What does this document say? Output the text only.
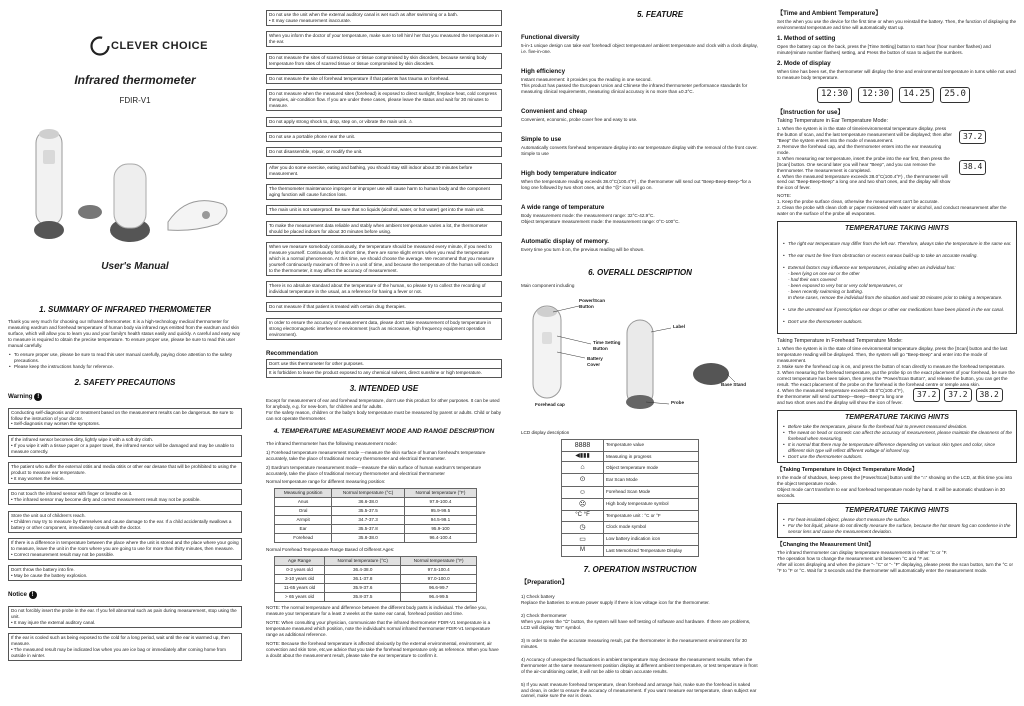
CLEVER CHOICE
Infrared thermometer
FDIR-V1
User's Manual
1. SUMMARY OF INFRARED THERMOMETER
Thank you very much for choosing our Infrared thermometer. It is a high-technology medical thermometer for measuring eardrum and forehead temperature of human body via infrared rays emitted from the eardrum and skin surface, which will allow you to learn you and your family's health status easily and quickly. A careful and easy way to measure is required to obtain the precise temperature. To ensure proper use, please be sure to read this user manual carefully.
• To ensure proper use, please be sure to read this user manual carefully, paying close attention to the safety precautions.
• Please keep the instructions handy for reference.
2. SAFETY PRECAUTIONS
Warning !

Conducting self-diagnosis and/ or treatment based on the measurement results can be dangerous. Be sure to follow the instruction of your doctor.
• Self-diagnosis may worsen the symptoms.

If the infrared sensor becomes dirty, lightly wipe it with a soft dry cloth.
• If you wipe it with a tissue paper or a paper towel, the infrared sensor will be damaged and may be unable to measure correctly.

The patient who suffer the external otitis and media otitis or other ear desase that will be prohibited to using the product to measure ear temperature.
• It may worsen the lesion.

Do not touch the infrared sensor with finger or breathe on it.
• The infrared sensor may become dirty and correct measurement result may not be possible.

Store the unit out of children's reach.
• Children may try to measure by themselves and cause damage to the ear. If a child accidentally swallows a battery or other component, immediately consult with the doctor.

If there is a difference in temperature between the place where the unit is stored and the place where your going to measure, leave the unit in the room where you are going to use for more than thirty minutes, then measure.
• Correct measurement result may not be possible.

Don't throw the battery into fire.
• May be cause the battery explosion.

Notice !

Do not forcibly insert the probe in the ear. If you fell abnormal such as pain during measurement, stop using the unit.
• It may injure the external auditory canal.

If the ear is cooled such as being exposed to the cold for a long period, wait until the ear is warmed up, then measure.
• The measured result may be indicated low when you are ice bag or immediately after coming home from outside in winter.

Do not use the unit when the external auditory canal is wet such as after swimming or a bath.
• It may cause measurement inaccurate.

When you inform the doctor of your temperature, make sure to tell him/ her that you measured the temperature in the ear.

Do not measure the sites of scarred tissue or tissue compromised by skin disorders, because sensing body temperature from sites of scarred tissue or tissue compromised by skin disorders.

Do not measure the site of forehead temperature if that patients has trauma on forehead.

Do not measure when the measured sites (forehead) is exposed to direct sunlight, fireplace heat, cold compress therapies, air-condition flow. If you are under these cases, please leave the status and wait for 30 minutes to measure.

Do not apply strong shock to, drop, step on, or vibrate the main unit. ⚠

Do not use a portable phone near the unit.

Do not disassemble, repair, or modify the unit.

After you do some exercise, eating and bathing, you should stay still indoor about 30 minutes before measurement.

The thermometer maintenance improper or improper use will cause harm to human body and the component aging function will cause function loss.

The main unit is not waterproof. Be sure that no liquids (alcohol, water, or hot water) get into the main unit.

To make the measurement data reliable and stably when ambient temperature varies a lot, the thermometer should be placed indoors for about 30 minutes before using.

When we measure somebody continuously, the temperature should be measured every minute, if you need to measure yourself. Continuously for a short time, there are some slight errors when you read the temperature which is a normal phenomenon. At this time, we should choose the average. We recommend that you measure yourself continuously maximum of three in a unit of time, and because the temperature of the human will conduct to the thermometer, it may affect the accuracy of measurement.

There is no absolute standard about the temperature of the human, so please try to collect the recording of individual temperature in the usual, as a reference for having a fever or not.

Do not measure if that patient is treated with certain drug therapies.

In order to ensure the accuracy of measurement data, please don't take measurement of body temperature in strong electromagnetic interference environment (such as microwave, high frequency equipment operation environment).

Recommendation
Don't use this thermometer for other purposes.
It is forbidden to leave the product exposed to any chemical solvent, direct sunshine or high temperature.
3. INTENDED USE
Except for measurement of ear and forehead temperature, don't use this product for other purposes. It can be used for anybody, e.g. for new-born, for children and for adults.
For the safety reason, children or the baby's body temperature must be measured by parent or adults. Child or baby can not operate thermometer.
4. TEMPERATURE MEASUREMENT MODE AND RANGE DESCRIPTION
The infrared thermometer has the following measurement mode:
1) Forehead temperature measurement mode ---measure the skin surface of human forehead's temperature accurately, take the place of traditional mercury thermometer and electrical thermometer.
2) Eardrum temperature measurement mode---measure the skin surface of human eardrum's temperature accurately, take the place of traditional mercury thermometer and electrical thermometer
Normal temperature range for different measuring position:
Measuring position	Normal temperature (°C)	Normal temperature (°F)
Anus	36.6-38.0	97.9-100.4
Oral	35.5-37.5	95.9-99.5
Armpit	34.7-37.3	94.5-99.1
Ear	35.5-37.8	95.9-100
Forehead	35.8-38.0	96.4-100.4
Normal Forehead Temperature Range Based of Different Ages:
Age Range	Normal temperature (°C)	Normal temperature (°F)
0-2 years old	36.4-38.0	97.5-100.4
3-10 years old	36.1-37.8	97.0-100.0
11-65 years old	35.9-37.6	96.6-99.7
> 65 years old	35.8-37.5	96.4-99.5
NOTE: The normal temperature and difference between the different body parts is individual. The define you, measure your temperature for a least 2 weeks at the same ear canal, forehead position and time.
NOTE: When consulting your physician, communicate that the infrared thermometer FDIR-V1 temperature is a temperature measured which position, note the individual's normal infrared thermometer FDIR-V1 temperature range as additional reference.
NOTE: Because the forehead temperature is affected obviously by the external environmental, environment, air convection and skin tone, etc,we advice that you take the forehead temperature only as reference. When you have a doubt about the measurement result, please take the ear temperature to confirm it.
5. FEATURE

Functional diversity
5-in-1 unique design can take ear/ forehead/ object temperature/ ambient temperature and clock with a clock display, i.e. five-in-one.

High efficiency
Instant measurement: it provides you the reading in one second.
This product has passed the European Union and Chinese the infrared thermometer performance standards for measuring clinical requirements, measuring clinical accuracy is no more than ±0.3°C.

Convenient and cheap
Convenient, economic, probe cover free and easy to use.

Simple to use
Automatically converts forehead temperature display into ear temperature display with the removal of the front cover. Simple to use

High body temperature indicator
When the temperature reading exceeds 38.0°C(100.4°F) , the thermometer will send out "Beep-Beep-Beep-"for a long one followed by two short ones, and the "☹" icon will go on.

A wide range of temperature
Body measurement mode: the measurement range: 32°C-42.9°C.
Object temperature measurement mode: the measurement range: 0°C-100°C.

Automatic display of memory.
Every time you turn it on, the previous reading will be shown.

6. OVERALL DESCRIPTION
Main component including
Power/Scan Button
Time Setting Button
Battery Cover
Forehead cap
Label
Probe
Base Stand
LCD display description
8888	Temperature value
◀▮▮▮	Measuring in progress
⌂	Object temperature mode
⊙	Ear Scan Mode
☺	Forehead Scan Mode
☹	High body temperature symbol
°C °F	Temperature unit : °C or °F
◷	Clock mode symbol
▭	Low battery indication icon
M	Last Memorized Temperature Display
7. OPERATION INSTRUCTION
【Preparation】

1) Check battery
Replace the batteries to ensure power supply if there is low voltage icon for the thermometer.

2) Check thermometer
When you press the "⏻" button, the system will have self testing of software and hardware. If there are problems, LCD will display "Err" symbol.

3) In order to make the accurate measuring result, put the thermometer in the measurement environment for 30 minutes.

4) Accuracy of unexpected fluctuations in ambient temperature may decrease the measurement results. When the thermometer at the same measurement position display at different ambient temperature, or test temperature in front of the air-conditioning outlet, it will not be able to obtain accurate results.

5) If you want measure forehead temperature, clean forehead and arrange hair, make sure the forehead is naked and clean, in order to ensure the accuracy of measurement. If you want measure ear temperature, clean subject ear cannel, make sure the ear is clean.

【Time and Ambient Temperature】
Set the when you use the device for the first time or when you reinstall the battery. Then, the function of displaying the environmental temperature and time will automatically start up.
1. Method of setting
Open the battery cap on the back, press the [Time Setting] button to start hour (hour number flashes) and minute(minute number flashes) setting, and Press the button of scan to adjust the numbers.
2. Mode of display
When time has been set, the thermometer will display the time and environmental temperature in turns while not used to measure body temperature.
12:30 12:30 14.25 25.0
【Instruction for use】
Taking Temperature in Ear Temperature Mode:
1. When the system is in the state of time/environmental temperature display, press the button of scan, and the last temperature measurement will be displayed; then after "Beep" the system enters into the mode of measurement.
2. Remove the forehead cap, and the thermometer enters into the ear measuring mode.
3. When measuring ear temperature, insert the probe into the ear first, then press the [Scan] button. One second later you will hear "Beep", and you can remove the thermometer. The measurement is completed.
4. When the measured temperature exceeds 38.0°C(100.4°F) , the thermometer will send out "Beep-Beep-Beep" a long one and two short ones, and the display will show the icon of fever.
37.2 38.4
NOTE:
1. Keep the probe surface clean, otherwise the measurement can't be accurate.
2. Clean the probe with clean cloth or paper moistened with water or alcohol, and conduct measurement after the water on the surface of the probe all evaporates.
TEMPERATURE TAKING HINTS

• The right ear temperature may differ from the left ear. Therefore, always take the temperature in the same ear.

• The ear must be free from obstruction or excess earwax build-up to take an accurate reading.

• External factors may influence ear temperatures, including when an individual has:
- been lying on one ear or the other
- had their ears covered
- been exposed to very hot or very cold temperatures, or
- been recently swimming or bathing.
In these cases, remove the individual from the situation and wait 30 minutes prior to taking a temperature.

• Use the untreated ear if prescription ear drops or other ear medications have been placed in the ear canal.

• Don't use the thermometer outdoors.

Taking Temperature in Forehead Temperature Mode:
1. When the system is in the state of time environmental temperature display, press the [Scan] button and the last temperature reading will be displayed. Then, the system will go "Beep-Beep" and enter into the mode of measurement.
2. Make sure the forehead cap is on, and press the button of scan directly to measure the forehead temperature.
3. When measuring the forehead temperature, put the probe tip on the exact placement of your forehead, be sure the correct temperature has been taken, then press the "Power/Scan Button", and release the button, you can get the result. The exact placement of the probe on the forehead is the forehead centre or temple area skin.
4. When the measured temperature exceeds 38.0°C(100.4°F), the thermometer will send out"Beep—Beep—Beep"a long one and two short ones and the display will show the icon of fever.
37.2 37.2 38.2
TEMPERATURE TAKING HINTS
• Before take the temperature, please fix the forehead hair to prevent measured deviation.
• The sweat on head or cosmetic can affect the accuracy of measurement, please maintain the cleanness of the forehead when measuring.
• It is normal that there may be temperature difference depending on various skin types and color, since different skin type will reflect different voltage of infrared ray.
• Don't use the thermometer outdoors.
【Taking Temperature in Object Temperature Mode】
In the mode of shutdown, keep press the [Power/Scan] button until the "⌂" showing on the LCD, at this time you into the object temperature mode.
Object mode can't transform to ear and forehead temperature mode by hand. It will be automatic shutdown in 30 seconds.
TEMPERATURE TAKING HINTS
• For heat-insulated object, please don't measure the surface.
• For the hot liquid, please do not directly measure the surface, because the hot steam fog can condense in the sensor lens and cause the measurement deviation.
【Changing the Measurement Unit】
The infrared thermometer can display temperature measurements in either °C or °F.
The operation how to change the measurement unit between °C and °F as:
After all icons displaying and when the picture "- °C" or "- °F" displaying, please press the scan button, turn the °C or °F to °F or °C. Wait for 3 seconds and the thermometer will automatically enter the measurement mode.
